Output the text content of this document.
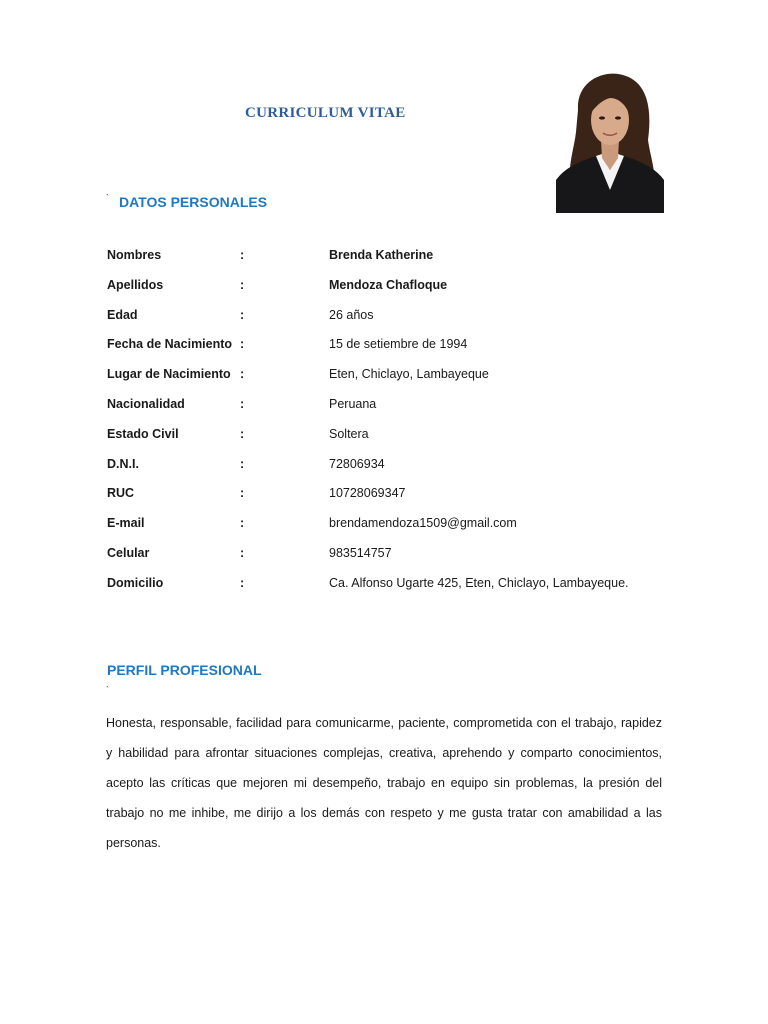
CURRICULUM VITAE
` DATOS PERSONALES
Nombres	:	Brenda Katherine
Apellidos	:	Mendoza Chafloque
Edad	:	26 años
Fecha de Nacimiento :	15 de setiembre de 1994
Lugar de Nacimiento :	Eten, Chiclayo, Lambayeque
Nacionalidad	:	Peruana
Estado Civil	:	Soltera
D.N.I.	:	72806934
RUC	:	10728069347
E-mail	:	brendamendoza1509@gmail.com
Celular	:	983514757
Domicilio	:	Ca. Alfonso Ugarte 425, Eten, Chiclayo, Lambayeque.
PERFIL PROFESIONAL
`
Honesta, responsable, facilidad para comunicarme, paciente, comprometida con el trabajo, rapidez y habilidad para afrontar situaciones complejas, creativa, aprehendo y comparto conocimientos, acepto las críticas que mejoren mi desempeño, trabajo en equipo sin problemas, la presión del trabajo no me inhibe, me dirijo a los demás con respeto y me gusta tratar con amabilidad a las personas.
